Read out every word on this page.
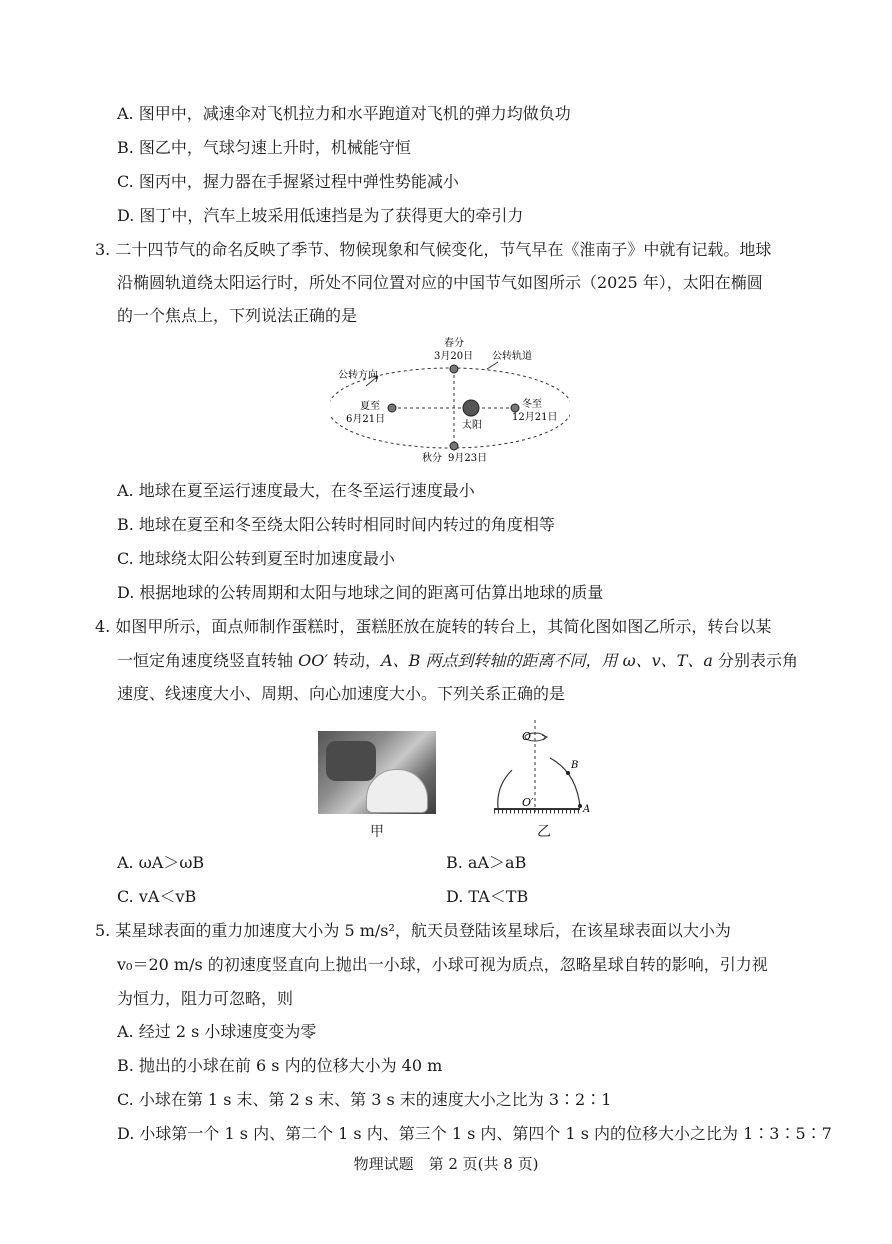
A. 图甲中，减速伞对飞机拉力和水平跑道对飞机的弹力均做负功
B. 图乙中，气球匀速上升时，机械能守恒
C. 图丙中，握力器在手握紧过程中弹性势能减小
D. 图丁中，汽车上坡采用低速挡是为了获得更大的牵引力
3. 二十四节气的命名反映了季节、物候现象和气候变化，节气早在《淮南子》中就有记载。地球
沿椭圆轨道绕太阳运行时，所处不同位置对应的中国节气如图所示（2025 年），太阳在椭圆
的一个焦点上，下列说法正确的是
春分
3月20日 公转轨道
公转方向
夏至
6月21日
冬至
12月21日
太阳
秋分 9月23日
A. 地球在夏至运行速度最大，在冬至运行速度最小
B. 地球在夏至和冬至绕太阳公转时相同时间内转过的角度相等
C. 地球绕太阳公转到夏至时加速度最小
D. 根据地球的公转周期和太阳与地球之间的距离可估算出地球的质量
4. 如图甲所示，面点师制作蛋糕时，蛋糕胚放在旋转的转台上，其简化图如图乙所示，转台以某
一恒定角速度绕竖直转轴 OO′ 转动，A、B 两点到转轴的距离不同，用 ω、v、T、a 分别表示角
速度、线速度大小、周期、向心加速度大小。下列关系正确的是
甲
O
O′
B
A
乙
A. ωA＞ωB	B. aA＞aB
C. vA＜vB	D. TA＜TB
5. 某星球表面的重力加速度大小为 5 m/s²，航天员登陆该星球后，在该星球表面以大小为
v₀＝20 m/s 的初速度竖直向上抛出一小球，小球可视为质点，忽略星球自转的影响，引力视
为恒力，阻力可忽略，则
A. 经过 2 s 小球速度变为零
B. 抛出的小球在前 6 s 内的位移大小为 40 m
C. 小球在第 1 s 末、第 2 s 末、第 3 s 末的速度大小之比为 3∶2∶1
D. 小球第一个 1 s 内、第二个 1 s 内、第三个 1 s 内、第四个 1 s 内的位移大小之比为 1∶3∶5∶7
物理试题　第 2 页(共 8 页)
